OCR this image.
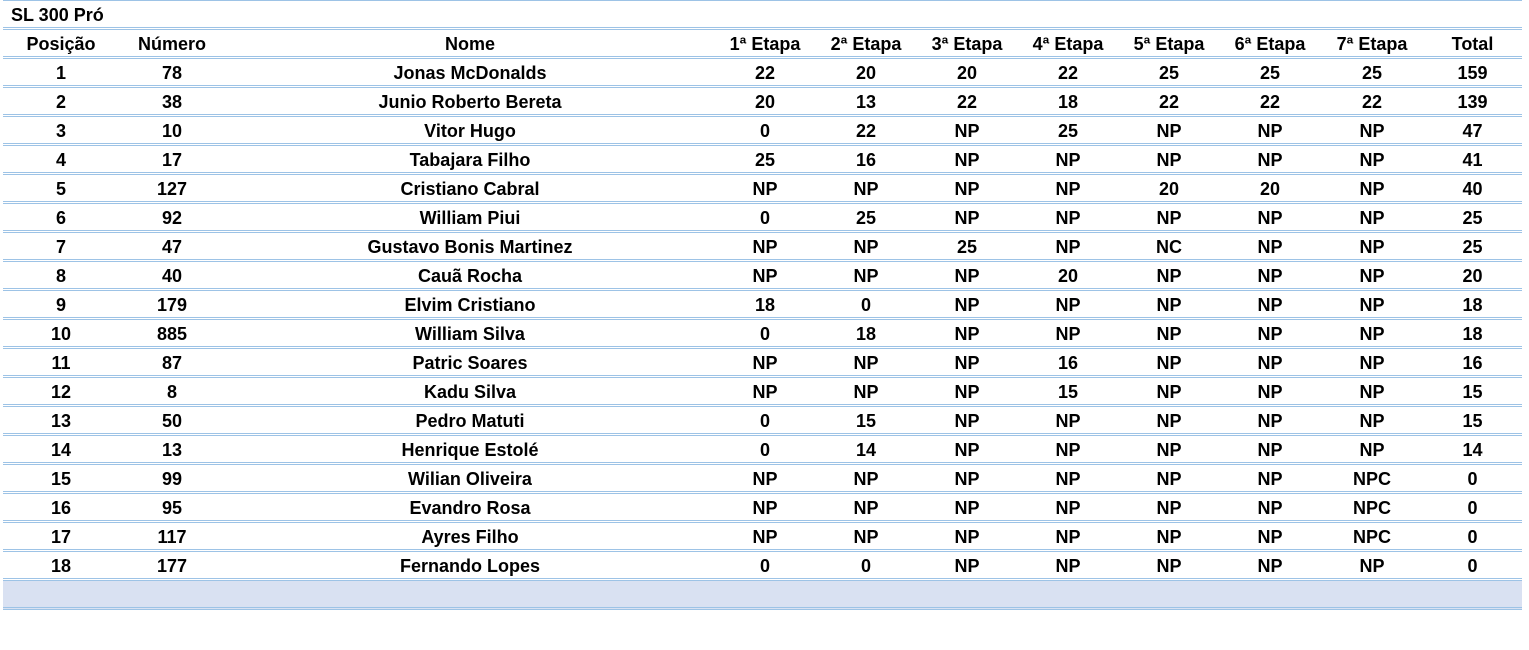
SL 300 Pró
Posição	Número	Nome	1ª Etapa	2ª Etapa	3ª Etapa	4ª Etapa	5ª Etapa	6ª Etapa	7ª Etapa	Total
1	78	Jonas McDonalds	22	20	20	22	25	25	25	159
2	38	Junio Roberto Bereta	20	13	22	18	22	22	22	139
3	10	Vitor Hugo	0	22	NP	25	NP	NP	NP	47
4	17	Tabajara Filho	25	16	NP	NP	NP	NP	NP	41
5	127	Cristiano Cabral	NP	NP	NP	NP	20	20	NP	40
6	92	William Piui	0	25	NP	NP	NP	NP	NP	25
7	47	Gustavo Bonis Martinez	NP	NP	25	NP	NC	NP	NP	25
8	40	Cauã Rocha	NP	NP	NP	20	NP	NP	NP	20
9	179	Elvim Cristiano	18	0	NP	NP	NP	NP	NP	18
10	885	William Silva	0	18	NP	NP	NP	NP	NP	18
11	87	Patric Soares	NP	NP	NP	16	NP	NP	NP	16
12	8	Kadu Silva	NP	NP	NP	15	NP	NP	NP	15
13	50	Pedro Matuti	0	15	NP	NP	NP	NP	NP	15
14	13	Henrique Estolé	0	14	NP	NP	NP	NP	NP	14
15	99	Wilian Oliveira	NP	NP	NP	NP	NP	NP	NPC	0
16	95	Evandro Rosa	NP	NP	NP	NP	NP	NP	NPC	0
17	117	Ayres Filho	NP	NP	NP	NP	NP	NP	NPC	0
18	177	Fernando Lopes	0	0	NP	NP	NP	NP	NP	0
